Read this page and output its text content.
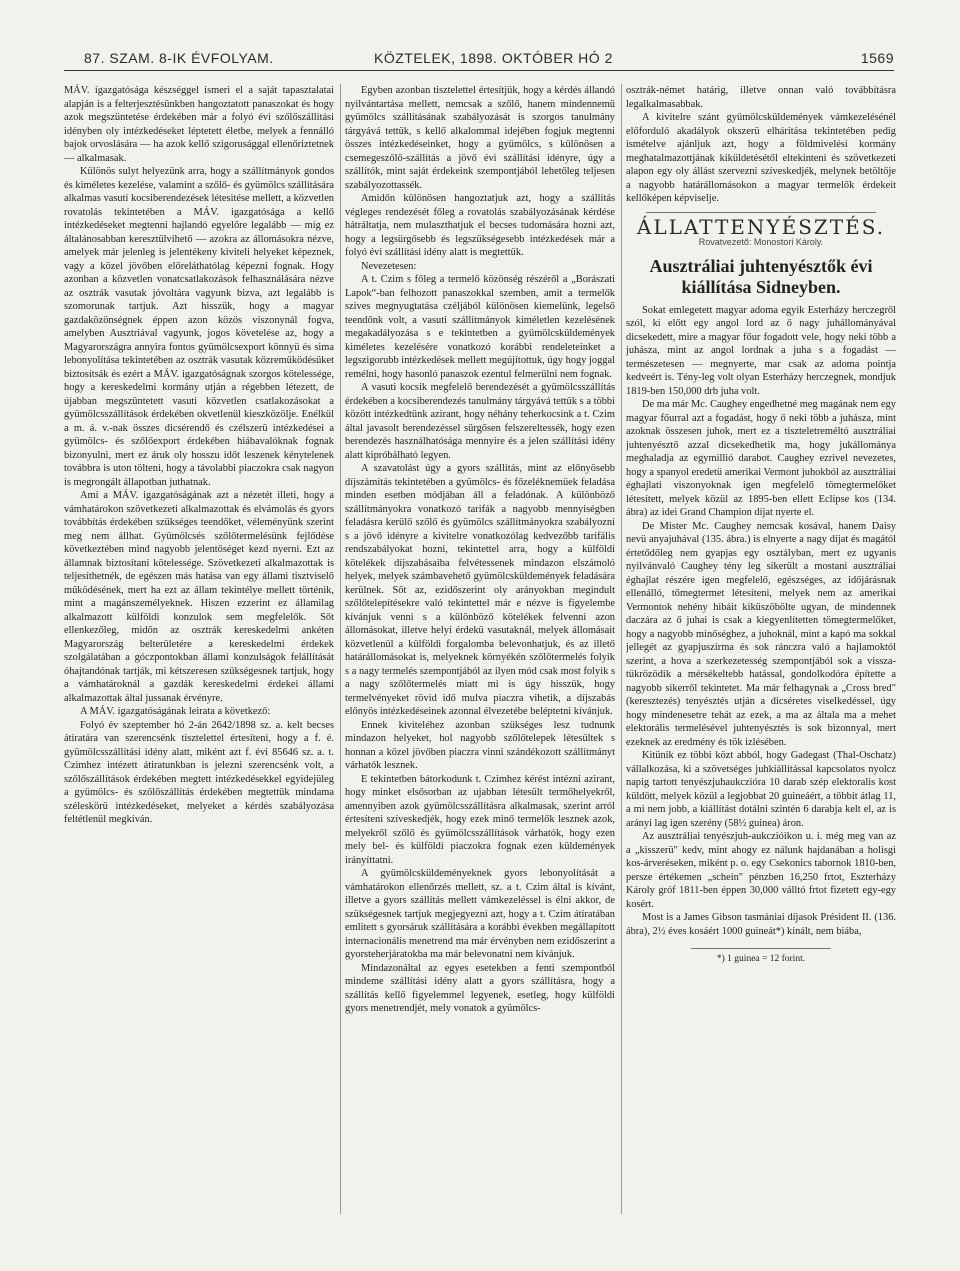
87. SZAM. 8-IK ÉVFOLYAM.	KÖZTELEK, 1898. OKTÓBER HÓ 2	1569

MÁV. igazgatósága készséggel ismeri el a saját tapasztalatai alapján is a felterjesztésünkben hangoztatott panaszokat és hogy azok megszüntetése érdekében már a folyó évi szőlőszállítási idényben oly intézkedéseket léptetett életbe, melyek a fennálló bajok orvoslására — ha azok kellő szigorusággal ellenőriztetnek — alkalmasak.

Különös sulyt helyezünk arra, hogy a szállítmányok gondos és kiméletes kezelése, valamint a szőlő- és gyümölcs szállítására alkalmas vasuti kocsiberendezések létesitése mellett, a közvetlen rovatolás tekintetében a MÁV. igazgatósága a kellő intézkedéseket megtenni hajlandó egyelőre legalább — míg ez általánosabban keresztülvihető — azokra az állomásokra nézve, amelyek már jelenleg is jelentékeny kiviteli helyeket képeznek, vagy a közel jövőben előreláthatólag képezni fognak. Hogy azonban a közvetlen vonatcsatlakozások felhasználására nézve az osztrák vasutak jóvoltára vagyunk bizva, azt legalább is szomorunak tartjuk. Azt hisszük, hogy a magyar gazdaközönségnek éppen azon közös viszonynál fogva, amelyben Ausztriával vagyunk, jogos követelése az, hogy a Magyarországra annyira fontos gyümölcsexport könnyü és sima lebonyolítása tekintetében az osztrák vasutak közreműködésüket biztosítsák és ezért a MÁV. igazgatóságnak szorgos kötelessége, hogy a kereskedelmi kormány utján a régebben létezett, de újabban megszüntetett vasuti közvetlen csatlakozásokat a gyümölcsszállítások érdekében okvetlenül kieszközölje. Enélkül a m. á. v.-nak összes dicsérendő és czélszerü intézkedései a gyümölcs- és szőlőexport érdekében hiábavalóknak fognak bizonyulni, mert ez áruk oly hosszu időt leszenek kénytelenek továbbra is uton tölteni, hogy a távolabbi piaczokra csak nagyon is megrongált állapotban juthatnak.

Ami a MÁV. igazgatóságának azt a nézetét illeti, hogy a vámhatárokon szövetkezeti alkalmazottak és elvámolás és gyors továbbítás érdekében szükséges teendőket, véleményünk szerint meg nem állhat. Gyümölcsés szőlőtermelésünk fejlődése következtében mind nagyobb jelentőséget kezd nyerni. Ezt az államnak biztosítani kötelessége. Szövetkezeti alkalmazottak is teljesíthetnék, de egészen más hatása van egy állami tisztviselő működésének, mert ha ezt az állam tekintélye mellett történik, mint a magánszemélyeknek. Hiszen ezzerint ez államilag alkalmazott külföldi konzulok sem megfelelők. Sőt ellenkezőleg, midőn az osztrák kereskedelmi ankéten Magyarország belterületére a kereskedelmi érdekek szolgálatában a góczpontokban állami konzulságok felállítását óhajtandónak tartják, mi kétszeresen szükségesnek tartjuk, hogy a vámhatároknál a gazdák kereskedelmi érdekei állami alkalmazottak által jussanak érvényre.

A MÁV. igazgatóságának leirata a következő:

Folyó év szeptember hó 2-án 2642/1898 sz. a. kelt becses átiratára van szerencsénk tisztelettel értesíteni, hogy a f. é. gyümölcsszállítási idény alatt, miként azt f. évi 85646 sz. a. t. Czimhez intézett átiratunkban is jelezni szerencsénk volt, a szőlőszállítások érdekében megtett intézkedésekkel egyidejüleg a gyümölcs- és szőlőszállítás érdekében megtettük mindama széleskörü intézkedéseket, melyeket a kérdés szabályozása feltétlenül megkíván.

Egyben azonban tisztelettel értesítjük, hogy a kérdés állandó nyilvántartása mellett, nemcsak a szőlő, hanem mindennemü gyümölcs szállításának szabályozását is szorgos tanulmány tárgyává tettük, s kellő alkalommal idejében fogjuk megtenni összes intézkedéseinket, hogy a gyümölcs, s különösen a csemegeszőlő-szállítás a jövő évi szállítási idényre, úgy a szállítók, mint saját érdekeink szempontjából lehetőleg teljesen szabályozottassék.

Amidőn különösen hangoztatjuk azt, hogy a szállítás végleges rendezését főleg a rovatolás szabályozásának kérdése hátráltatja, nem mulaszthatjuk el becses tudomására hozni azt, hogy a legsürgősebb és legszükségesebb intézkedések már a folyó évi szállítási idény alatt is megtettük.

Nevezetesen:

A t. Czim s főleg a termelő közönség részéről a „Borászati Lapok“-ban felhozott panaszokkal szemben, amit a termelők szives megnyugtatása czéljából különösen kiemelünk, legelső teendőnk volt, a vasuti szállítmányok kiméletlen kezelésének megakadályozása s e tekintetben a gyümölcsküldemények kiméletes kezelésére vonatkozó korábbi rendeleteinket a legszigorubb intézkedések mellett megújítottuk, úgy hogy joggal remélni, hogy hasonló panaszok ezentul felmerülni nem fognak.

A vasuti kocsik megfelelő berendezését a gyümölcsszállítás érdekében a kocsiberendezés tanulmány tárgyává tettük s a többi között intézkedtünk azirant, hogy néhány teherkocsink a t. Czim által javasolt berendezéssel sürgősen felszereltessék, hogy ezen berendezés használhatósága mennyire és a jelen szállítási idény alatt kipróbálható legyen.

A szavatolást úgy a gyors szállítás, mint az előnyösebb díjszámítás tekintetében a gyümölcs- és főzeléknemüek feladása minden esetben módjában áll a feladónak. A különböző szállítmányokra vonatkozó tarifák a nagyobb mennyiségben feladásra kerülő szőlő és gyümölcs szállítmányokra szabályozni s a jövő idényre a kivitelre vonatkozólag kedvezőbb tarifális rendszabályokat hozni, tekintettel arra, hogy a külföldi kötelékek díjszabásaiba felvétessenek mindazon elszámoló helyek, melyek számbavehető gyümölcsküldemények feladására kerülnek. Sőt az, ezidőszerint oly arányokban megindult szőlőtelepítésekre való tekintettel már e nézve is figyelembe kívánjuk venni s a különböző kötelékek felvenni azon állomásokat, illetve helyi érdekü vasutaknál, melyek állomásait közvetlenül a külföldi forgalomba belevonhatjuk, és az illető határállomásokat is, melyeknek környékén szőlőtermelés folyik s a nagy termelés szempontjából az ilyen mód csak most folyik s a nagy szőlőtermelés miatt mi is úgy hisszük, hogy termelvényeket rövid idő mulva piaczra vihetik, a díjszabás előnyös intézkedéseinek azonnal élvezetébe beléptetni kívánjuk.

Ennek kiviteléhez azonban szükséges lesz tudnunk mindazon helyeket, hol nagyobb szőlőtelepek létesültek s honnan a közel jövőben piaczra vinni szándékozott szállítmányt várhatók lesznek.

E tekintetben bátorkodunk t. Czimhez kérést intézni azirant, hogy minket elsősorban az ujabban létesült termőhelyekről, amennyiben azok gyümölcsszállításra alkalmasak, szerint arról értesíteni szíveskedjék, hogy ezek minő termelők lesznek azok, melyekről szőlő és gyümölcsszállítások várhatók, hogy ezen mely bel- és külföldi piaczokra fognak ezen küldemények irányíttatni.

A gyümölcsküldeményeknek gyors lebonyolítását a vámhatárokon ellenőrzés mellett, sz. a t. Czim által is kívánt, illetve a gyors szállítás mellett vámkezeléssel is élni akkor, de szükségesnek tartjuk megjegyezni azt, hogy a t. Czim átiratában emlitett s gyorsáruk szállítására a korábbi években megállapított internacionális menetrend ma már érvényben nem ezidőszerint a gyorsteherjáratokba ma már belevonatni nem kívánjuk.

Mindazonáltal az egyes esetekben a fenti szempontból mindeme szállítási idény alatt a gyors szállításra, hogy a szállítás kellő figyelemmel legyenek, esetleg, hogy külföldi gyors menetrendjét, mely vonatok a gyümölcs-

osztrák-német határig, illetve onnan való továbbításra legalkalmasabbak.

A kivitelre szánt gyümölcsküldemények vámkezelésénél előforduló akadályok okszerü elháritása tekintetében pedig ismételve ajánljuk azt, hogy a földmivelési kormány meghatalmazottjának kiküldetésétől eltekinteni és szövetkezeti alapon egy oly állást szervezni szíveskedjék, melynek betöltője a nagyobb határállomásokon a magyar termelők érdekeit kellőképen képviselje.

ÁLLATTENYÉSZTÉS.
Rovatvezető: Monostori Károly.
Ausztráliai juhtenyésztők évi kiállítása Sidneyben.

Sokat emlegetett magyar adoma egyik Esterházy herczegről szól, ki előtt egy angol lord az ő nagy juhállományával dicsekedett, mire a magyar főur fogadott vele, hogy neki több a juhásza, mint az angol lordnak a juha s a fogadást — természetesen — megnyerte, mar csak az adoma pointja kedveért is. Tény-leg volt olyan Esterházy herczegnek, mondjuk 1819-ben 150,000 drb juha volt.

De ma már Mc. Caughey engedhetné meg magának nem egy magyar főurral azt a fogadást, hogy ő neki több a juhásza, mint azoknak összesen juhok, mert ez a tiszteletreméltó ausztráliai juhtenyésztő azzal dicsekedhetik ma, hogy jukállománya meghaladja az egymillió darabot. Caughey ezrivel nevezetes, hogy a spanyol eredetü amerikai Vermont juhokból az ausztráliai éghajlati viszonyoknak igen megfelelő tömegtermelőket létesített, melyek közül az 1895-ben ellett Eclipse kos (134. ábra) az idei Grand Champion díjat nyerte el.

De Mister Mc. Caughey nemcsak kosával, hanem Daisy nevü anyajuhával (135. ábra.) is elnyerte a nagy díjat és magától értetődőleg nem gyapjas egy osztályban, mert ez ugyanis nyilvánvaló Caughey tény leg sikerült a mostani ausztráliai éghajlat részére igen megfelelő, egészséges, az időjárásnak ellenálló, tőmegtermet létesíteni, melyek nem az amerikai Vermontok nehény hibáit kiküszöbölte ugyan, de mindennek daczára az ő juhai is csak a kiegyenlítetten tömegtermelőket, hogy a nagyobb minőséghez, a juhoknál, mint a kapó ma sokkal jellegét az gyapjuszirma és sok ránczra való a hajlamoktól szerint, a hova a szerkezetesség szempontjából sok a vissza-tükrözödik a mérsékeltebb hatással, gondolkodóra építette a nagyobb sikerről tekintetet. Ma már felhagynak a „Cross bred" (keresztezés) tenyésztés utján a dicséretes viselkedéssel, úgy hogy mindenesetre tehát az ezek, a ma az általa ma a mehet elektorális termelésével juhtenyésztés is sok bizonnyal, mert ezeknek az eredmény és tök izlésében.

Kitünik ez többi közt abból, hogy Gadegast (Thal-Oschatz) vállalkozása, ki a szövetséges juhkiállítással kapcsolatos nyolcz napig tartott tenyészjuhaukczióra 10 darab szép elektoralis kost küldött, melyek közül a legjobbat 20 guineáért, a többit átlag 11, a mi nem jobb, a kiállítást dotálni szintén 6 darabja kelt el, az is arányi lag igen szerény (58½ guinea) áron.

Az ausztráliai tenyészjuh-aukczióikon u. i. még meg van az a „kisszerü" kedv, mint ahogy ez nálunk hajdanában a holisgi kos-árveréseken, miként p. o. egy Csekonics tabornok 1810-ben, persze értékemen „schein" pénzben 16,250 frtot, Eszterházy Károly gróf 1811-ben éppen 30,000 válltó frtot fizetett egy-egy kosért.

Most is a James Gibson tasmániai díjasok Président II. (136. ábra), 2½ éves kosáért 1000 guineát*) kínált, nem biába,

*) 1 guinea = 12 forint.
